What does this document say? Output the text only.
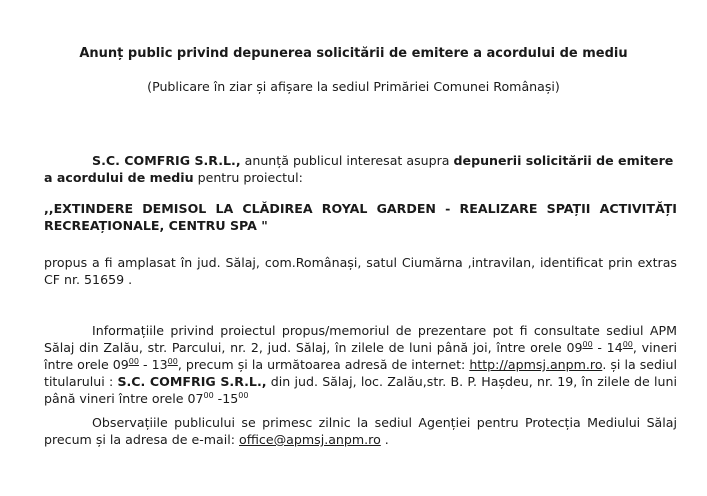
Anunț public privind depunerea solicitării de emitere a acordului de mediu
(Publicare în ziar și afișare la sediul Primăriei Comunei Românași)
S.C. COMFRIG S.R.L., anunță publicul interesat asupra depunerii solicitării de emitere a acordului de mediu pentru proiectul:
,,EXTINDERE DEMISOL LA CLĂDIREA ROYAL GARDEN - REALIZARE SPAȚII ACTIVITĂȚI RECREAȚIONALE, CENTRU SPA "
propus a fi amplasat în jud. Sălaj, com.Românași, satul Ciumărna ,intravilan, identificat prin extras CF nr. 51659 .
Informațiile privind proiectul propus/memoriul de prezentare pot fi consultate sediul APM Sălaj din Zalău, str. Parcului, nr. 2, jud. Sălaj, în zilele de luni până joi, între orele $09^{00} - 14^{00}$, vineri între orele $09^{00} - 13^{00}$, precum și la următoarea adresă de internet: http://apmsj.anpm.ro. și la sediul titularului : S.C. COMFRIG S.R.L., din jud. Sălaj, loc. Zalău,str. B. P. Hașdeu, nr. 19, în zilele de luni până vineri între orele $07^{00}$ $-15^{00}$
Observațiile publicului se primesc zilnic la sediul Agenției pentru Protecția Mediului Sălaj precum și la adresa de e-mail: office@apmsj.anpm.ro .
